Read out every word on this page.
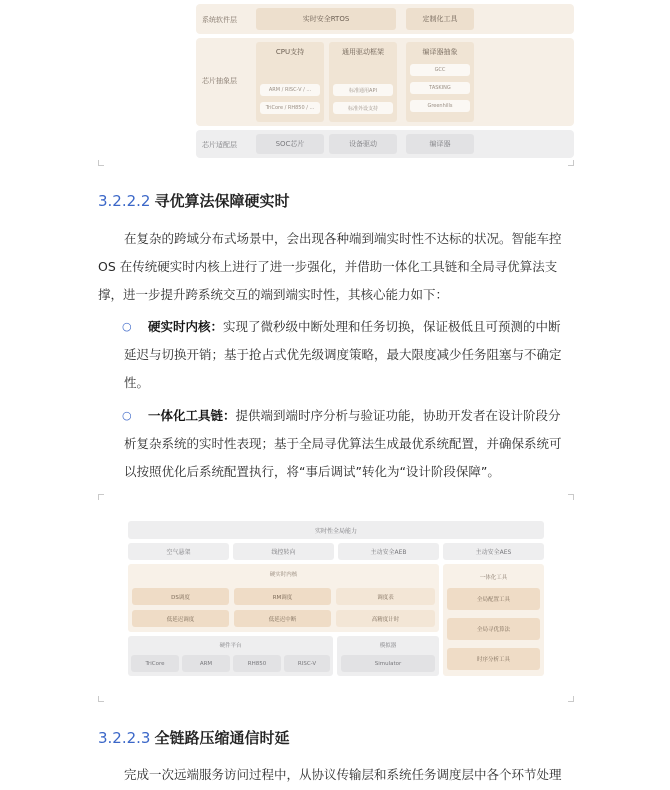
系统软件层	实时安全RTOS	定制化工具
芯片抽象层
CPU支持
ARM / RISC-V / ...
TriCore / RH850 / ...
通用驱动框架
标准通用API
标准外设支持
编译器抽象
GCC
TASKING
Greenhills
芯片适配层	SOC芯片	设备驱动	编译器
3.2.2.2 寻优算法保障硬实时
在复杂的跨域分布式场景中，会出现各种端到端实时性不达标的状况。智能车控
OS 在传统硬实时内核上进行了进一步强化，并借助一体化工具链和全局寻优算法支
撑，进一步提升跨系统交互的端到端实时性，其核心能力如下：
○ 硬实时内核：实现了微秒级中断处理和任务切换，保证极低且可预测的中断
延迟与切换开销；基于抢占式优先级调度策略，最大限度减少任务阻塞与不确定
性。
○ 一体化工具链：提供端到端时序分析与验证功能，协助开发者在设计阶段分
析复杂系统的实时性表现；基于全局寻优算法生成最优系统配置，并确保系统可
以按照优化后系统配置执行，将“事后调试”转化为“设计阶段保障”。
实时性全局能力
空气悬架	线控转向	主动安全AEB	主动安全AES
硬实时内核
DS调度	RM调度	调度表
低延迟调度	低延迟中断	高精度计时
一体化工具
全局配置工具
全局寻优算法
时序分析工具
硬件平台
TriCore	ARM	RH850	RISC-V
模拟器
Simulator
3.2.2.3 全链路压缩通信时延
完成一次远端服务访问过程中，从协议传输层和系统任务调度层中各个环节处理
